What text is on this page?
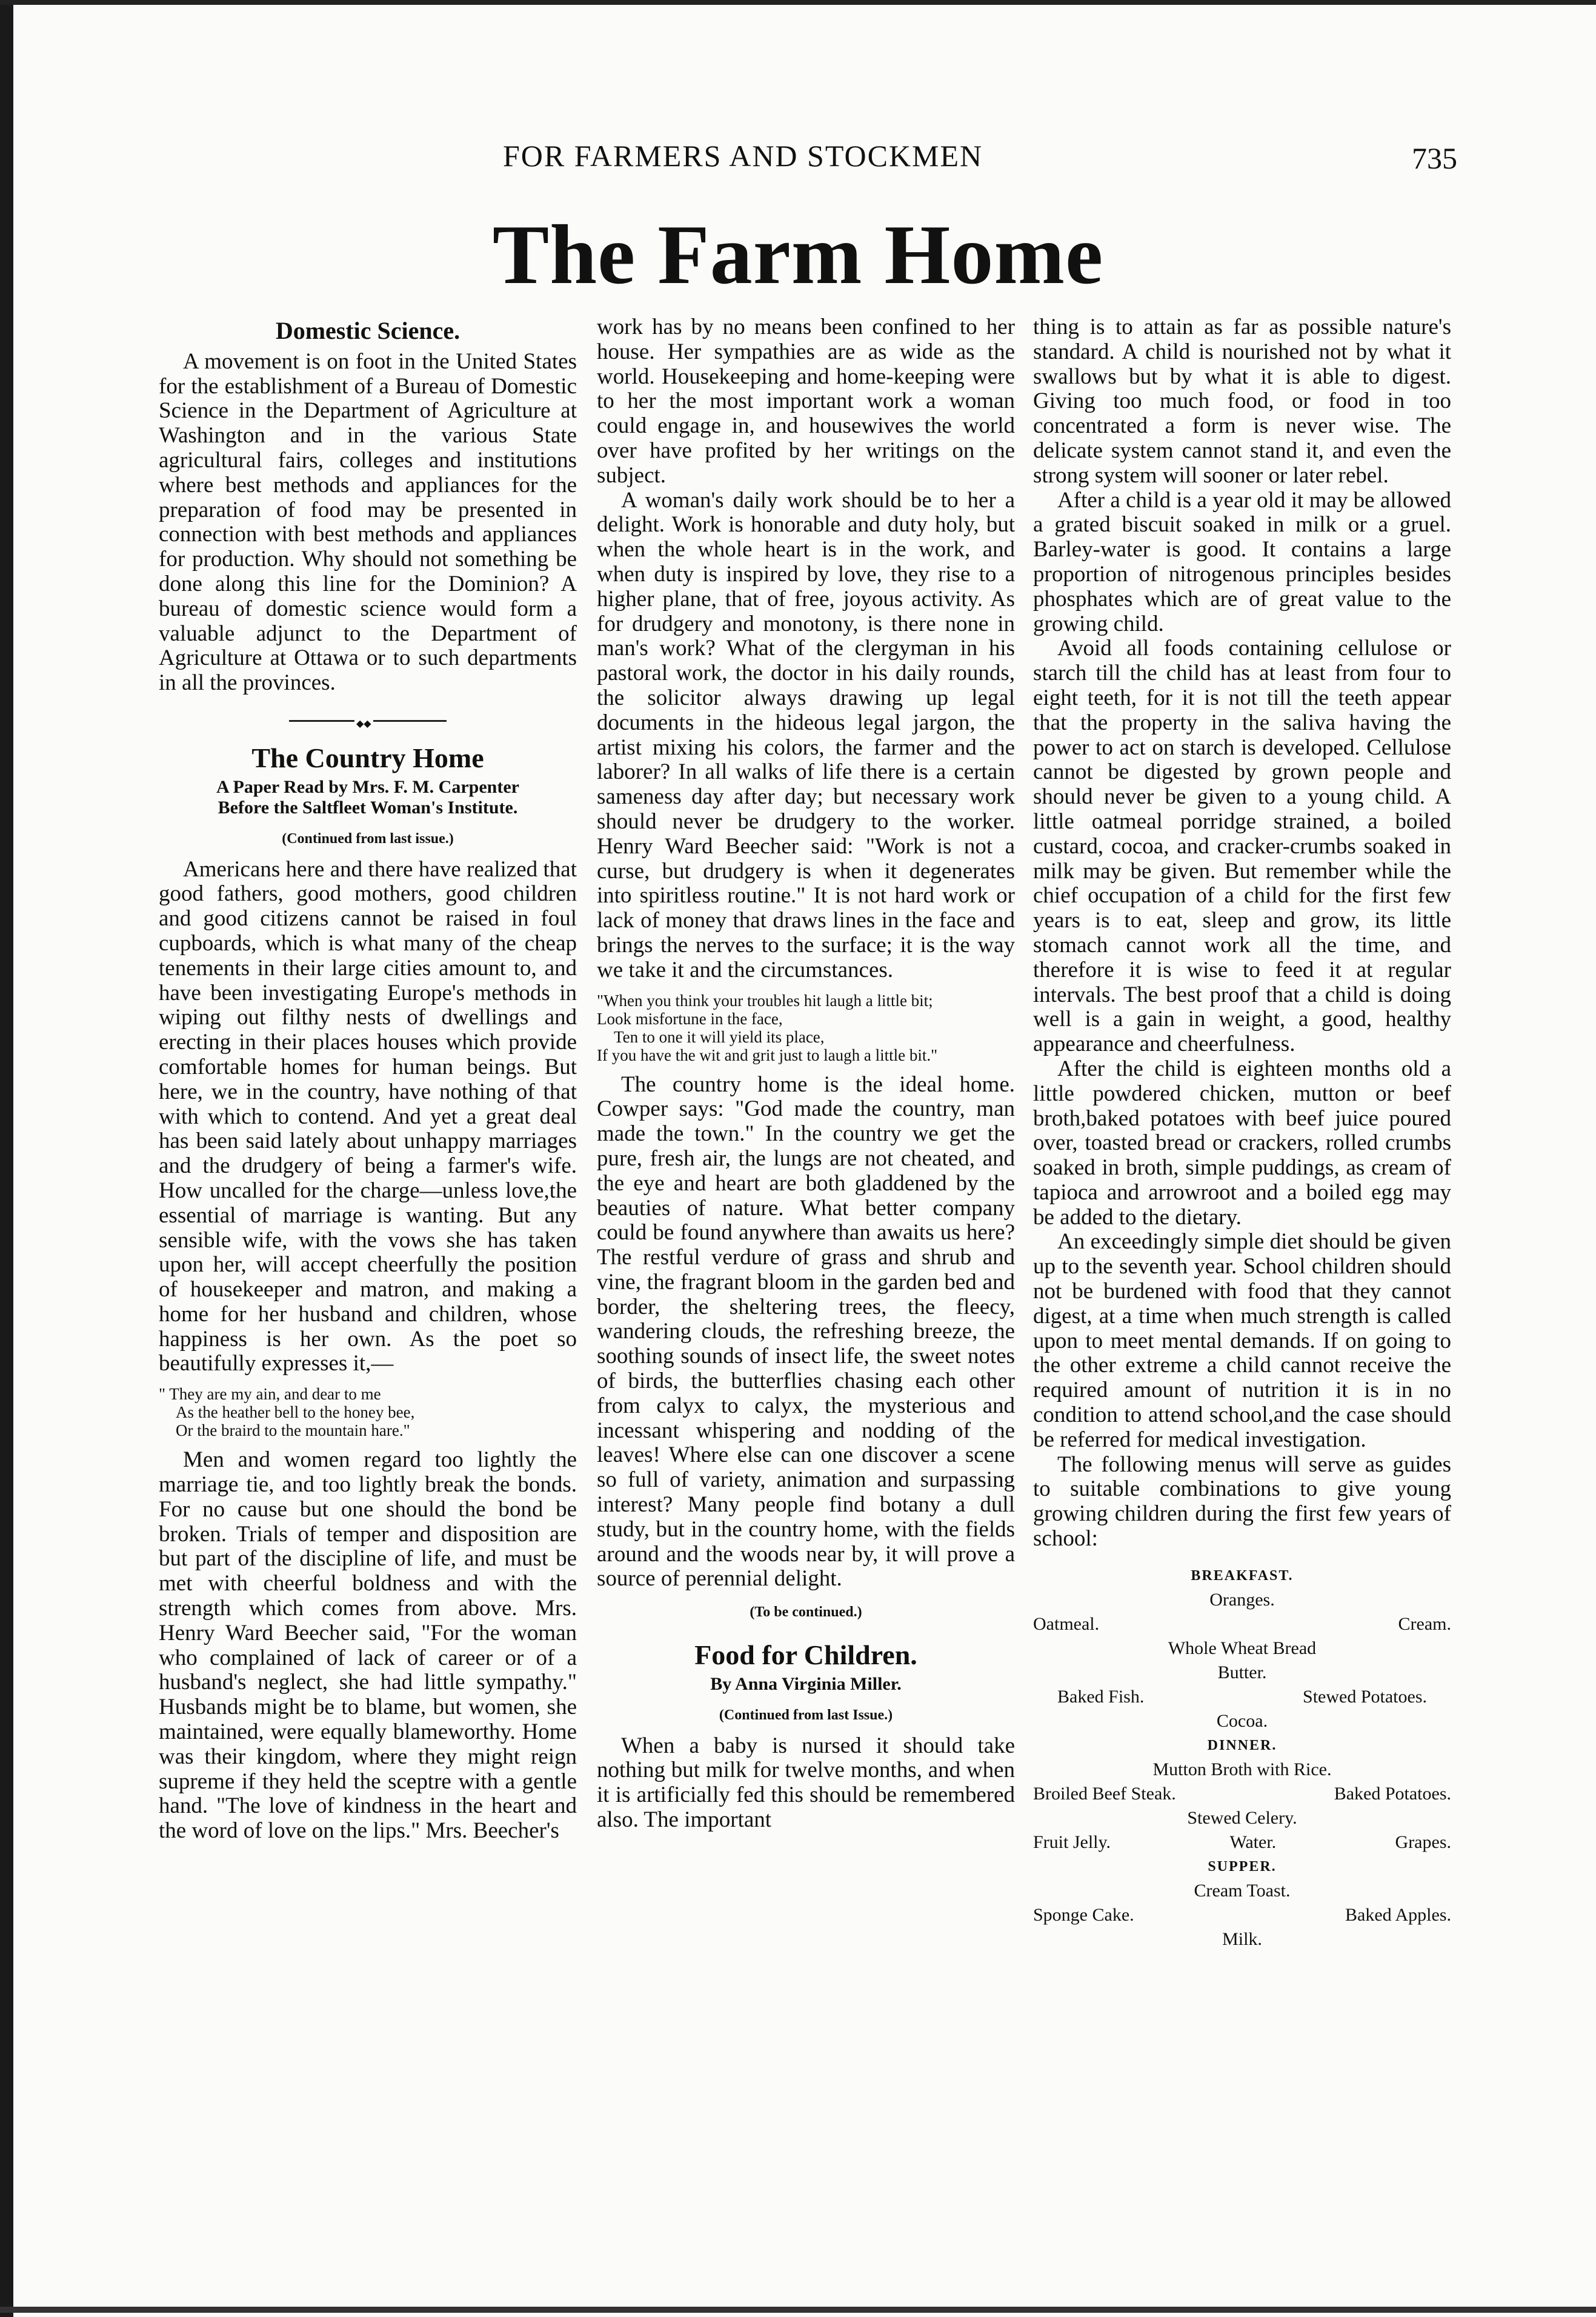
FOR FARMERS AND STOCKMEN	735
The Farm Home
Domestic Science.

A movement is on foot in the United States for the establishment of a Bureau of Domestic Science in the Department of Agriculture at Washington and in the various State agricultural fairs, colleges and institutions where best methods and appliances for the preparation of food may be presented in connection with best methods and appliances for production. Why should not something be done along this line for the Dominion? A bureau of domestic science would form a valuable adjunct to the Department of Agriculture at Ottawa or to such departments in all the provinces.

◆◆
The Country Home
A Paper Read by Mrs. F. M. Carpenter
Before the Saltfleet Woman's Institute.
(Continued from last issue.)

Americans here and there have realized that good fathers, good mothers, good children and good citizens cannot be raised in foul cupboards, which is what many of the cheap tenements in their large cities amount to, and have been investigating Europe's methods in wiping out filthy nests of dwellings and erecting in their places houses which provide comfortable homes for human beings. But here, we in the country, have nothing of that with which to contend. And yet a great deal has been said lately about unhappy marriages and the drudgery of being a farmer's wife. How uncalled for the charge—unless love,the essential of marriage is wanting. But any sensible wife, with the vows she has taken upon her, will accept cheerfully the position of housekeeper and matron, and making a home for her husband and children, whose happiness is her own. As the poet so beautifully expresses it,—

" They are my ain, and dear to me
As the heather bell to the honey bee,
Or the braird to the mountain hare."

Men and women regard too lightly the marriage tie, and too lightly break the bonds. For no cause but one should the bond be broken. Trials of temper and disposition are but part of the discipline of life, and must be met with cheerful boldness and with the strength which comes from above. Mrs. Henry Ward Beecher said, "For the woman who complained of lack of career or of a husband's neglect, she had little sympathy." Husbands might be to blame, but women, she maintained, were equally blameworthy. Home was their kingdom, where they might reign supreme if they held the sceptre with a gentle hand. "The love of kindness in the heart and the word of love on the lips." Mrs. Beecher's

work has by no means been confined to her house. Her sympathies are as wide as the world. Housekeeping and home-keeping were to her the most important work a woman could engage in, and housewives the world over have profited by her writings on the subject.

A woman's daily work should be to her a delight. Work is honorable and duty holy, but when the whole heart is in the work, and when duty is inspired by love, they rise to a higher plane, that of free, joyous activity. As for drudgery and monotony, is there none in man's work? What of the clergyman in his pastoral work, the doctor in his daily rounds, the solicitor always drawing up legal documents in the hideous legal jargon, the artist mixing his colors, the farmer and the laborer? In all walks of life there is a certain sameness day after day; but necessary work should never be drudgery to the worker. Henry Ward Beecher said: "Work is not a curse, but drudgery is when it degenerates into spiritless routine." It is not hard work or lack of money that draws lines in the face and brings the nerves to the surface; it is the way we take it and the circumstances.

"When you think your troubles hit laugh a little bit;
Look misfortune in the face,
Ten to one it will yield its place,
If you have the wit and grit just to laugh a little bit."

The country home is the ideal home. Cowper says: "God made the country, man made the town." In the country we get the pure, fresh air, the lungs are not cheated, and the eye and heart are both gladdened by the beauties of nature. What better company could be found anywhere than awaits us here? The restful verdure of grass and shrub and vine, the fragrant bloom in the garden bed and border, the sheltering trees, the fleecy, wandering clouds, the refreshing breeze, the soothing sounds of insect life, the sweet notes of birds, the butterflies chasing each other from calyx to calyx, the mysterious and incessant whispering and nodding of the leaves! Where else can one discover a scene so full of variety, animation and surpassing interest? Many people find botany a dull study, but in the country home, with the fields around and the woods near by, it will prove a source of perennial delight.

(To be continued.)
Food for Children.
By Anna Virginia Miller.
(Continued from last Issue.)

When a baby is nursed it should take nothing but milk for twelve months, and when it is artificially fed this should be remembered also. The important

thing is to attain as far as possible nature's standard. A child is nourished not by what it swallows but by what it is able to digest. Giving too much food, or food in too concentrated a form is never wise. The delicate system cannot stand it, and even the strong system will sooner or later rebel.

After a child is a year old it may be allowed a grated biscuit soaked in milk or a gruel. Barley-water is good. It contains a large proportion of nitrogenous principles besides phosphates which are of great value to the growing child.

Avoid all foods containing cellulose or starch till the child has at least from four to eight teeth, for it is not till the teeth appear that the property in the saliva having the power to act on starch is developed. Cellulose cannot be digested by grown people and should never be given to a young child. A little oatmeal porridge strained, a boiled custard, cocoa, and cracker-crumbs soaked in milk may be given. But remember while the chief occupation of a child for the first few years is to eat, sleep and grow, its little stomach cannot work all the time, and therefore it is wise to feed it at regular intervals. The best proof that a child is doing well is a gain in weight, a good, healthy appearance and cheerfulness.

After the child is eighteen months old a little powdered chicken, mutton or beef broth,baked potatoes with beef juice poured over, toasted bread or crackers, rolled crumbs soaked in broth, simple puddings, as cream of tapioca and arrowroot and a boiled egg may be added to the dietary.

An exceedingly simple diet should be given up to the seventh year. School children should not be burdened with food that they cannot digest, at a time when much strength is called upon to meet mental demands. If on going to the other extreme a child cannot receive the required amount of nutrition it is in no condition to attend school,and the case should be referred for medical investigation.

The following menus will serve as guides to suitable combinations to give young growing children during the first few years of school:

BREAKFAST.
Oranges.
Oatmeal.	Cream.
Whole Wheat Bread
Butter.
Baked Fish.	Stewed Potatoes.
Cocoa.
DINNER.
Mutton Broth with Rice.
Broiled Beef Steak.	Baked Potatoes.
Stewed Celery.
Fruit Jelly.	Water.	Grapes.
SUPPER.
Cream Toast.
Sponge Cake.	Baked Apples.
Milk.
